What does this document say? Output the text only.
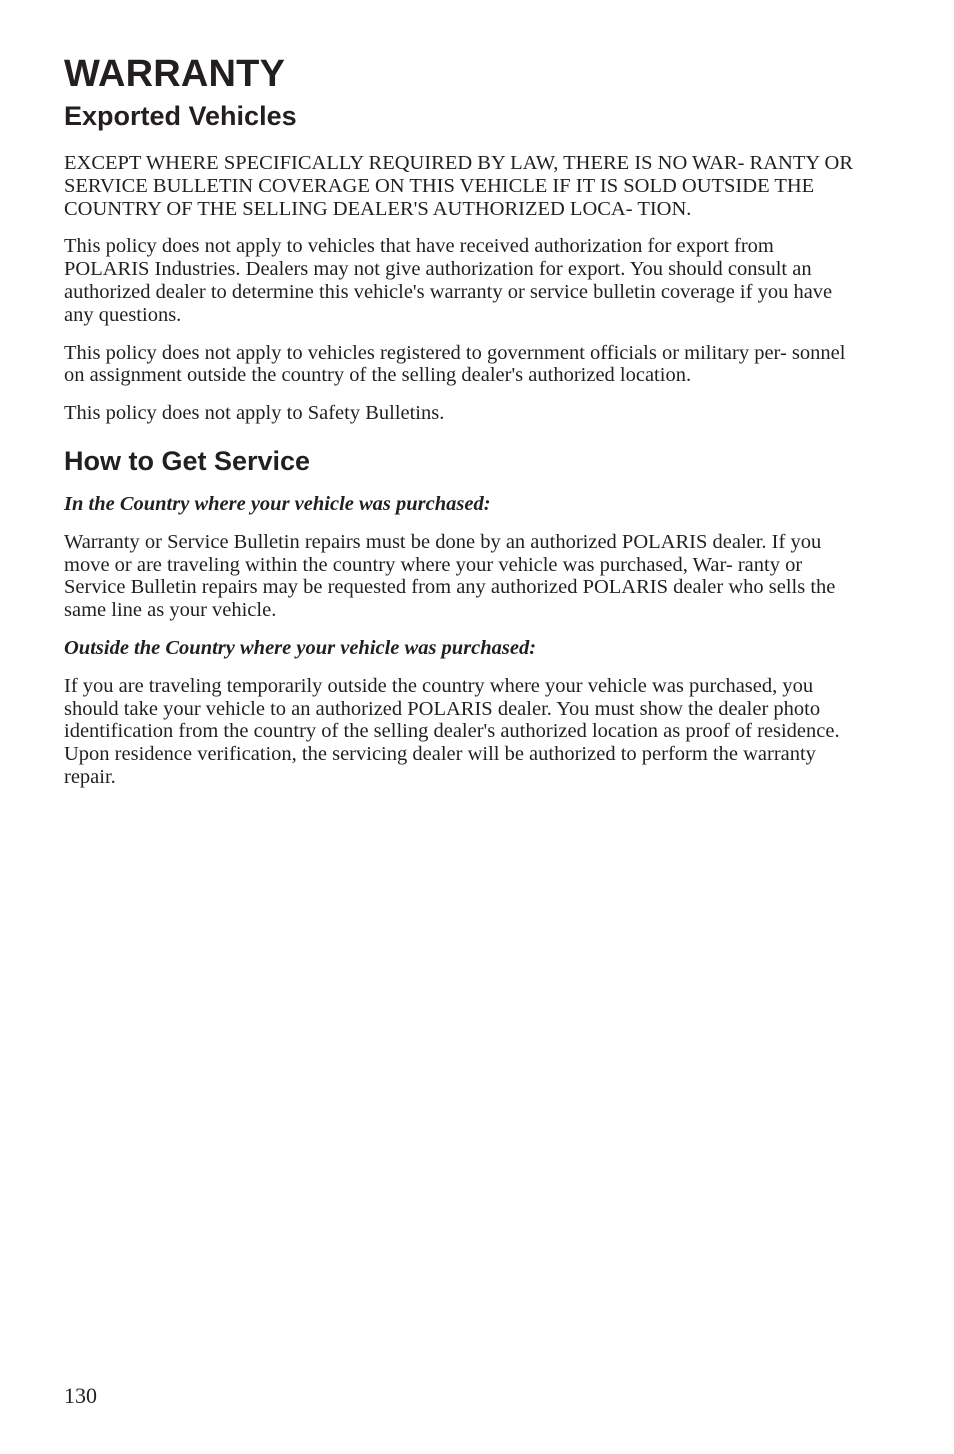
WARRANTY
Exported Vehicles

EXCEPT WHERE SPECIFICALLY REQUIRED BY LAW, THERE IS NO WAR- RANTY OR SERVICE BULLETIN COVERAGE ON THIS VEHICLE IF IT IS SOLD OUTSIDE THE COUNTRY OF THE SELLING DEALER'S AUTHORIZED LOCA- TION.

This policy does not apply to vehicles that have received authorization for export from POLARIS Industries. Dealers may not give authorization for export. You should consult an authorized dealer to determine this vehicle's warranty or service bulletin coverage if you have any questions.

This policy does not apply to vehicles registered to government officials or military per- sonnel on assignment outside the country of the selling dealer's authorized location.

This policy does not apply to Safety Bulletins.

How to Get Service

In the Country where your vehicle was purchased:

Warranty or Service Bulletin repairs must be done by an authorized POLARIS dealer. If you move or are traveling within the country where your vehicle was purchased, War- ranty or Service Bulletin repairs may be requested from any authorized POLARIS dealer who sells the same line as your vehicle.

Outside the Country where your vehicle was purchased:

If you are traveling temporarily outside the country where your vehicle was purchased, you should take your vehicle to an authorized POLARIS dealer. You must show the dealer photo identification from the country of the selling dealer's authorized location as proof of residence. Upon residence verification, the servicing dealer will be authorized to perform the warranty repair.

130
